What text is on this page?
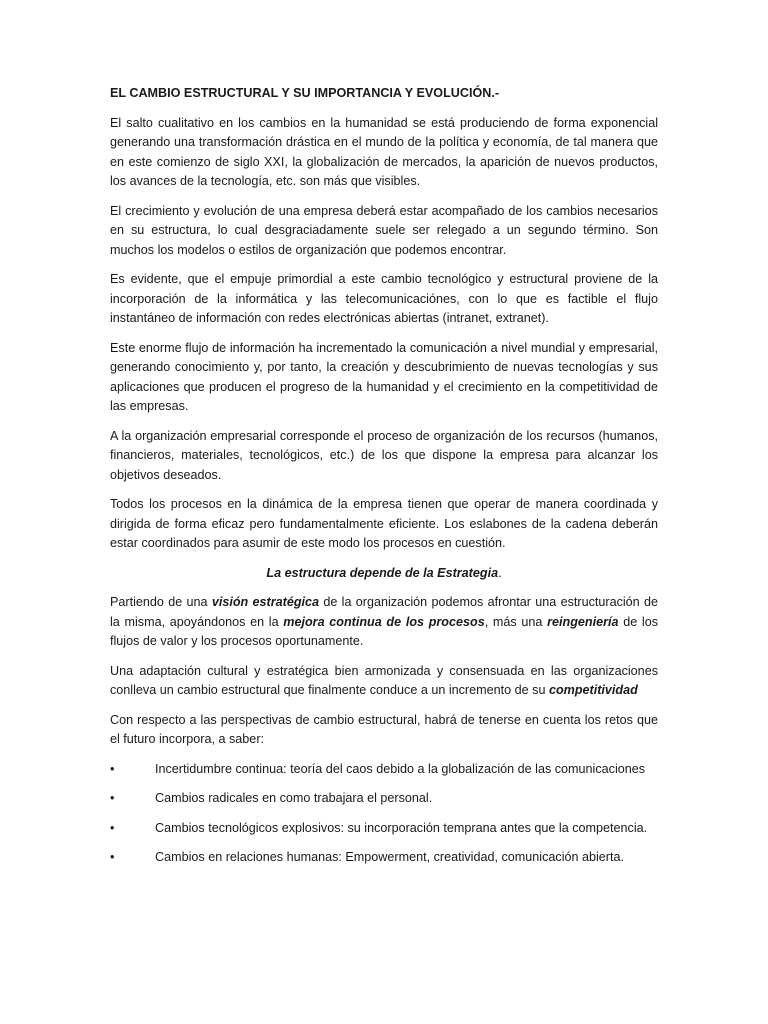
EL CAMBIO ESTRUCTURAL Y SU IMPORTANCIA Y EVOLUCIÓN.-

El salto cualitativo en los cambios en la humanidad se está produciendo de forma exponencial generando una transformación drástica en el mundo de la política y economía, de tal manera que en este comienzo de siglo XXI, la globalización de mercados, la aparición de nuevos productos, los avances de la tecnología, etc. son más que visibles.

El crecimiento y evolución de una empresa deberá estar acompañado de los cambios necesarios en su estructura, lo cual desgraciadamente suele ser relegado a un segundo término. Son muchos los modelos o estilos de organización que podemos encontrar.

Es evidente, que el empuje primordial a este cambio tecnológico y estructural proviene de la incorporación de la informática y las telecomunicaciónes, con lo que es factible el flujo instantáneo de información con redes electrónicas abiertas (intranet, extranet).

Este enorme flujo de información ha incrementado la comunicación a nivel mundial y empresarial, generando conocimiento y, por tanto, la creación y descubrimiento de nuevas tecnologías y sus aplicaciones que producen el progreso de la humanidad y el crecimiento en la competitividad de las empresas.

A la organización empresarial corresponde el proceso de organización de los recursos (humanos, financieros, materiales, tecnológicos, etc.) de los que dispone la empresa para alcanzar los objetivos deseados.

Todos los procesos en la dinámica de la empresa tienen que operar de manera coordinada y dirigida de forma eficaz pero fundamentalmente eficiente. Los eslabones de la cadena deberán estar coordinados para asumir de este modo los procesos en cuestión.

La estructura depende de la Estrategia.

Partiendo de una visión estratégica de la organización podemos afrontar una estructuración de la misma, apoyándonos en la mejora continua de los procesos, más una reingeniería de los flujos de valor y los procesos oportunamente.

Una adaptación cultural y estratégica bien armonizada y consensuada en las organizaciones conlleva un cambio estructural que finalmente conduce a un incremento de su competitividad

Con respecto a las perspectivas de cambio estructural, habrá de tenerse en cuenta los retos que el futuro incorpora, a saber:

•	Incertidumbre continua: teoría del caos debido a la globalización de las comunicaciones
•	Cambios radicales en como trabajara el personal.
•	Cambios tecnológicos explosivos: su incorporación temprana antes que la competencia.
•	Cambios en relaciones humanas: Empowerment, creatividad, comunicación abierta.
